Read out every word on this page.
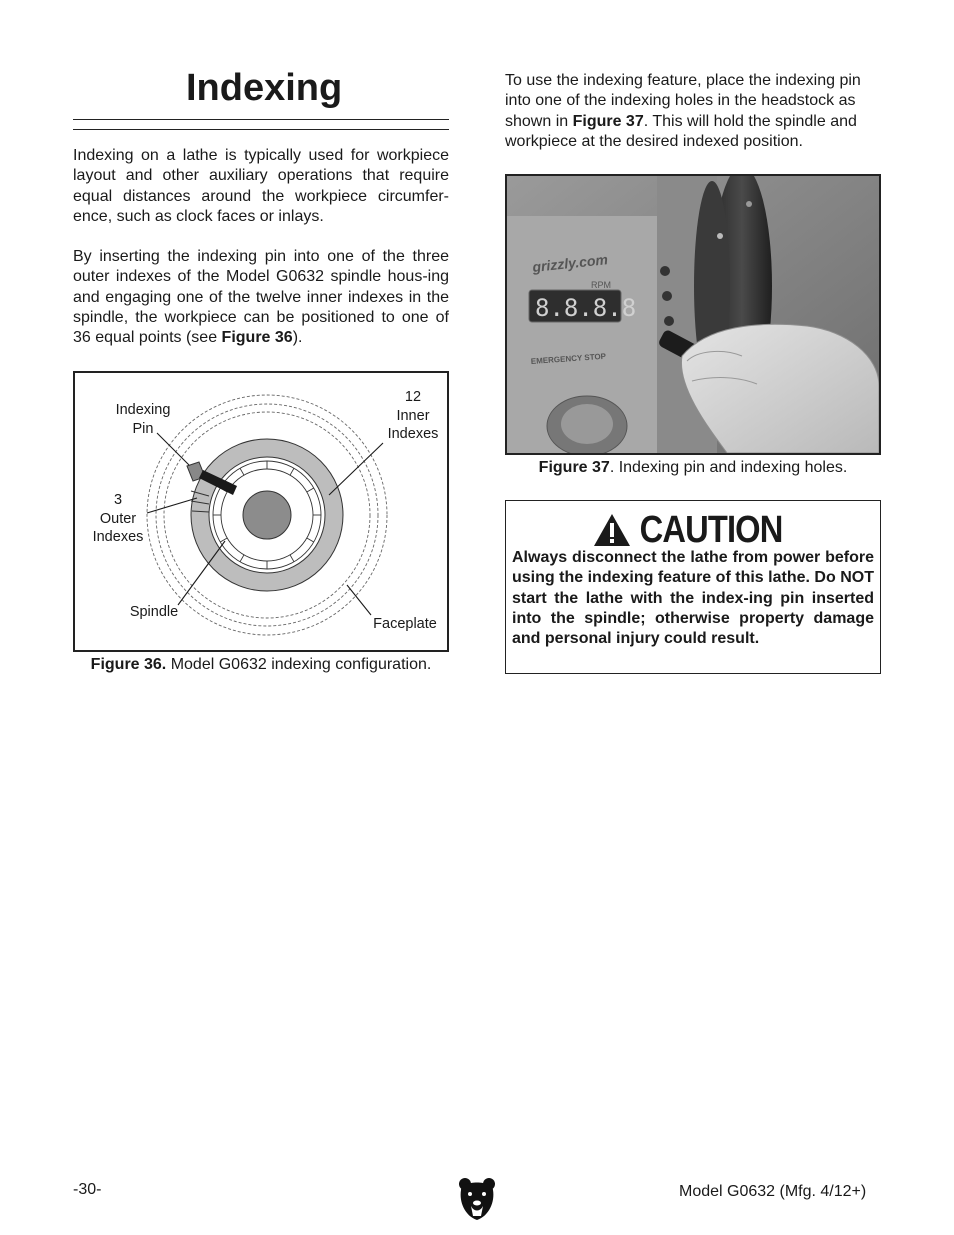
Indexing
Indexing on a lathe is typically used for workpiece layout and other auxiliary operations that require equal distances around the workpiece circumfer-ence, such as clock faces or inlays.
By inserting the indexing pin into one of the three outer indexes of the Model G0632 spindle hous-ing and engaging one of the twelve inner indexes in the spindle, the workpiece can be positioned to one of 36 equal points (see Figure 36).
Indexing
Pin
12
Inner
Indexes
3
Outer
Indexes
Spindle
Faceplate
Figure 36. Model G0632 indexing configuration.
To use the indexing feature, place the indexing pin into one of the indexing holes in the headstock as shown in Figure 37. This will hold the spindle and workpiece at the desired indexed position.
grizzly.com
RPM
8.8.8.8
EMERGENCY STOP
Figure 37. Indexing pin and indexing holes.
CAUTION
Always disconnect the lathe from power before using the indexing feature of this lathe. Do NOT start the lathe with the index-ing pin inserted into the spindle; otherwise property damage and personal injury could result.
-30-	Model G0632 (Mfg. 4/12+)
